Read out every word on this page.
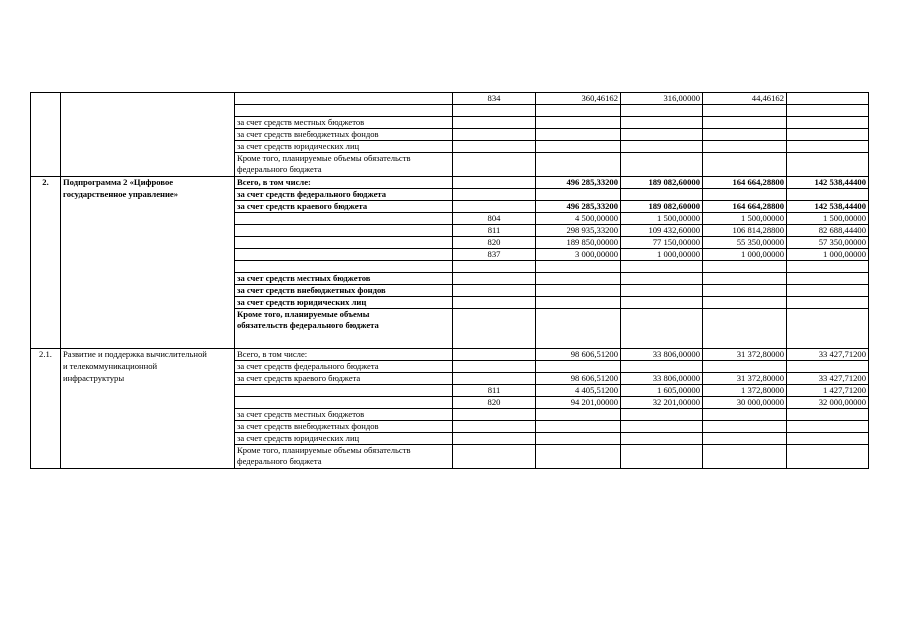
			834	360,46162	316,00000	44,46162	

		за счет средств местных бюджетов					
		за счет средств внебюджетных фондов					
		за счет средств юридических лиц					
		Кроме того, планируемые объемы обязательств
федерального бюджета					
2.	Подпрограмма 2 «Цифровое	Всего, в том числе:		496 285,33200	189 082,60000	164 664,28800	142 538,44400
	государственное управление»	за счет средств федерального бюджета					
		за счет средств краевого бюджета		496 285,33200	189 082,60000	164 664,28800	142 538,44400
			804	4 500,00000	1 500,00000	1 500,00000	1 500,00000
			811	298 935,33200	109 432,60000	106 814,28800	82 688,44400
			820	189 850,00000	77 150,00000	55 350,00000	57 350,00000
			837	3 000,00000	1 000,00000	1 000,00000	1 000,00000

		за счет средств местных бюджетов					
		за счет средств внебюджетных фондов					
		за счет средств юридических лиц					
		Кроме того, планируемые объемы
обязательств федерального бюджета					
2.1.	Развитие и поддержка вычислительной	Всего, в том числе:		98 606,51200	33 806,00000	31 372,80000	33 427,71200
	и телекоммуникационной	за счет средств федерального бюджета					
	инфраструктуры	за счет средств краевого бюджета		98 606,51200	33 806,00000	31 372,80000	33 427,71200
			811	4 405,51200	1 605,00000	1 372,80000	1 427,71200
			820	94 201,00000	32 201,00000	30 000,00000	32 000,00000
		за счет средств местных бюджетов					
		за счет средств внебюджетных фондов					
		за счет средств юридических лиц					
		Кроме того, планируемые объемы обязательств
федерального бюджета					
